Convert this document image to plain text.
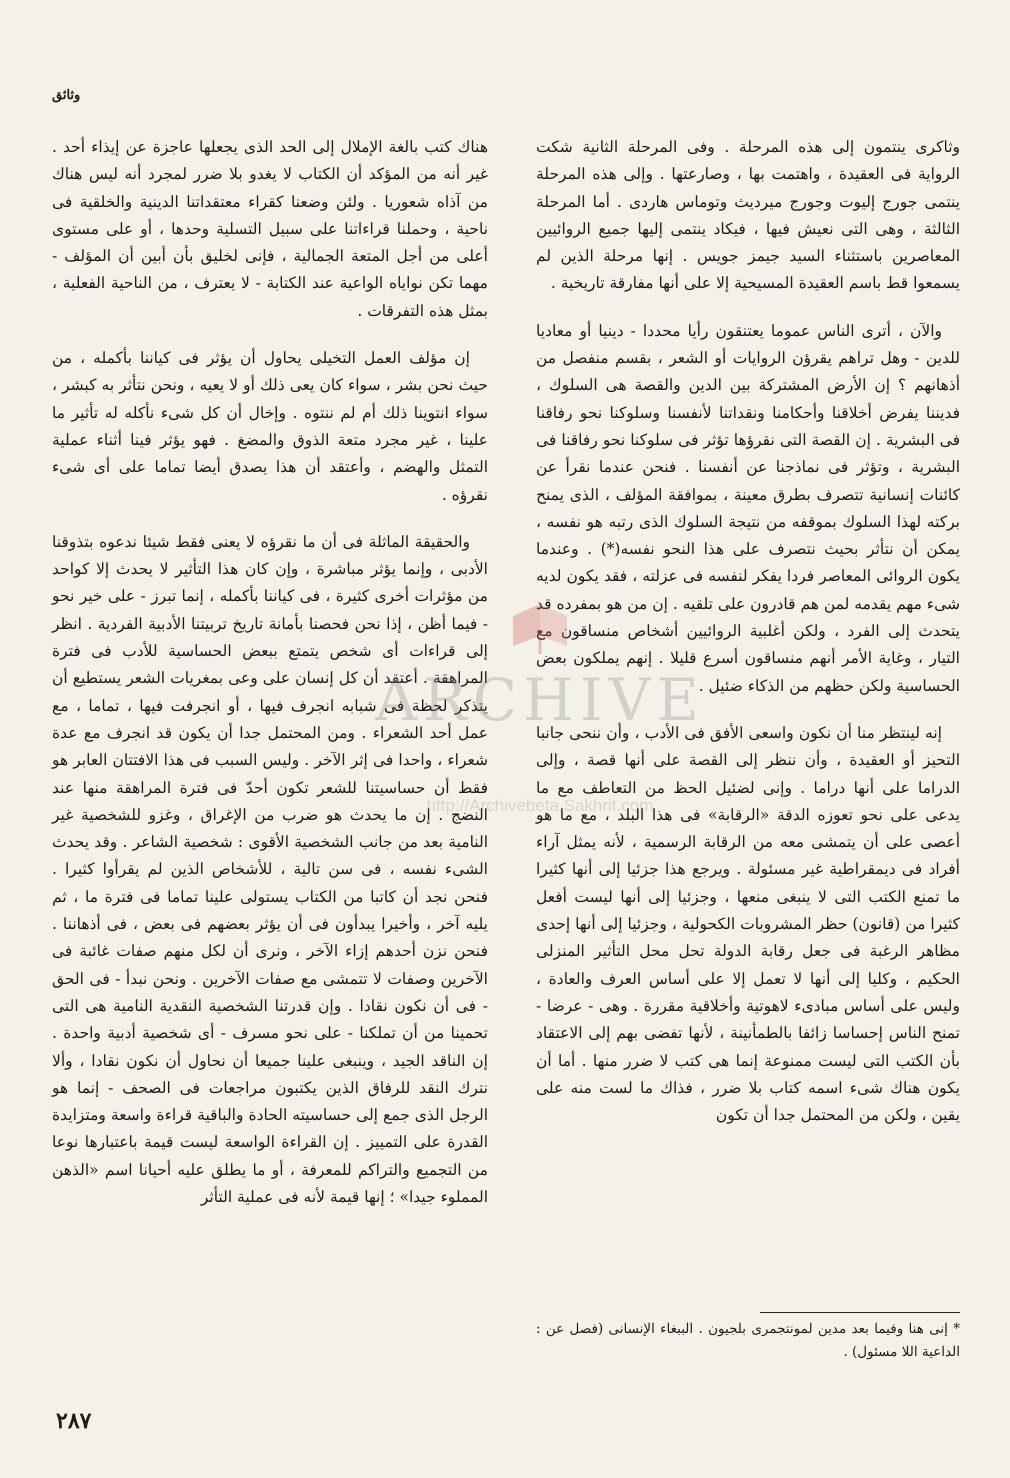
وثائق

وثاكرى ينتمون إلى هذه المرحلة . وفى المرحلة الثانية شكت الرواية فى العقيدة ، واهتمت بها ، وصارعتها . وإلى هذه المرحلة ينتمى جورج إليوت وجورج ميرديث وتوماس هاردى . أما المرحلة الثالثة ، وهى التى نعيش فيها ، فيكاد ينتمى إليها جميع الروائيين المعاصرين باستثناء السيد جيمز جويس . إنها مرحلة الذين لم يسمعوا قط باسم العقيدة المسيحية إلا على أنها مفارقة تاريخية .

والآن ، أترى الناس عموما يعتنقون رأيا محددا - دينيا أو معاديا للدين - وهل تراهم يقرؤن الروايات أو الشعر ، بقسم منفصل من أذهانهم ؟ إن الأرض المشتركة بين الدين والقصة هى السلوك ، فديننا يفرض أخلاقنا وأحكامنا ونقداتنا لأنفسنا وسلوكنا نحو رفاقنا فى البشرية . إن القصة التى نقرؤها تؤثر فى سلوكنا نحو رفاقنا فى البشرية ، وتؤثر فى نماذجنا عن أنفسنا . فنحن عندما نقرأ عن كائنات إنسانية تتصرف بطرق معينة ، بموافقة المؤلف ، الذى يمنح بركته لهذا السلوك بموقفه من نتيجة السلوك الذى رتبه هو نفسه ، يمكن أن نتأثر بحيث نتصرف على هذا النحو نفسه(*) . وعندما يكون الروائى المعاصر فردا يفكر لنفسه فى عزلته ، فقد يكون لديه شىء مهم يقدمه لمن هم قادرون على تلقيه . إن من هو بمفرده قد يتحدث إلى الفرد ، ولكن أغلبية الروائيين أشخاص منساقون مع التيار ، وغاية الأمر أنهم منساقون أسرع قليلا . إنهم يملكون بعض الحساسية ولكن حظهم من الذكاء ضئيل .

إنه لينتظر منا أن نكون واسعى الأفق فى الأدب ، وأن ننحى جانبا التحيز أو العقيدة ، وأن ننظر إلى القصة على أنها قصة ، وإلى الدراما على أنها دراما . وإنى لضئيل الحظ من التعاطف مع ما يدعى على نحو تعوزه الدقة «الرقابة» فى هذا البلد ، مع ما هو أعصى على أن يتمشى معه من الرقابة الرسمية ، لأنه يمثل آراء أفراد فى ديمقراطية غير مسئولة . ويرجع هذا جزئيا إلى أنها كثيرا ما تمنع الكتب التى لا ينبغى منعها ، وجزئيا إلى أنها ليست أفعل كثيرا من (قانون) حظر المشروبات الكحولية ، وجزئيا إلى أنها إحدى مظاهر الرغبة فى جعل رقابة الدولة تحل محل التأثير المنزلى الحكيم ، وكليا إلى أنها لا تعمل إلا على أساس العرف والعادة ، وليس على أساس مبادىء لاهوتية وأخلاقية مقررة . وهى - عرضا - تمنح الناس إحساسا زائفا بالطمأنينة ، لأنها تفضى بهم إلى الاعتقاد بأن الكتب التى ليست ممنوعة إنما هى كتب لا ضرر منها . أما أن يكون هناك شىء اسمه كتاب بلا ضرر ، فذاك ما لست منه على يقين ، ولكن من المحتمل جدا أن تكون

* إنى هنا وفيما بعد مدين لمونتجمرى بلجيون . الببغاء الإنسانى (فصل عن : الداعية اللا مسئول) .

هناك كتب بالغة الإملال إلى الحد الذى يجعلها عاجزة عن إيذاء أحد . غير أنه من المؤكد أن الكتاب لا يغدو بلا ضرر لمجرد أنه ليس هناك من آذاه شعوريا . ولئن وضعنا كقراء معتقداتنا الدينية والخلقية فى ناحية ، وحملنا قراءاتنا على سبيل التسلية وحدها ، أو على مستوى أعلى من أجل المتعة الجمالية ، فإنى لخليق بأن أبين أن المؤلف - مهما تكن نواياه الواعية عند الكتابة - لا يعترف ، من الناحية الفعلية ، بمثل هذه التفرقات .

إن مؤلف العمل التخيلى يحاول أن يؤثر فى كياننا بأكمله ، من حيث نحن بشر ، سواء كان يعى ذلك أو لا يعيه ، ونحن نتأثر به كبشر ، سواء انتوينا ذلك أم لم ننتوه . وإخال أن كل شىء نأكله له تأثير ما علينا ، غير مجرد متعة الذوق والمضغ . فهو يؤثر فينا أثناء عملية التمثل والهضم ، وأعتقد أن هذا يصدق أيضا تماما على أى شىء نقرؤه .

والحقيقة الماثلة فى أن ما نقرؤه لا يعنى فقط شيئا ندعوه بتذوقنا الأدبى ، وإنما يؤثر مباشرة ، وإن كان هذا التأثير لا يحدث إلا كواحد من مؤثرات أخرى كثيرة ، فى كياننا بأكمله ، إنما تبرز - على خير نحو - فيما أظن ، إذا نحن فحصنا بأمانة تاريخ تربيتنا الأدبية الفردية . انظر إلى قراءات أى شخص يتمتع ببعض الحساسية للأدب فى فترة المراهقة . أعتقد أن كل إنسان على وعى بمغريات الشعر يستطيع أن يتذكر لحظة فى شبابه انجرف فيها ، أو انجرفت فيها ، تماما ، مع عمل أحد الشعراء . ومن المحتمل جدا أن يكون قد انجرف مع عدة شعراء ، واحدا فى إثر الآخر . وليس السبب فى هذا الافتتان العابر هو فقط أن حساسيتنا للشعر تكون أحدّ فى فترة المراهقة منها عند النضج . إن ما يحدث هو ضرب من الإغراق ، وغزو للشخصية غير النامية بعد من جانب الشخصية الأقوى : شخصية الشاعر . وقد يحدث الشىء نفسه ، فى سن تالية ، للأشخاص الذين لم يقرأوا كثيرا . فنحن نجد أن كاتبا من الكتاب يستولى علينا تماما فى فترة ما ، ثم يليه آخر ، وأخيرا يبدأون فى أن يؤثر بعضهم فى بعض ، فى أذهاننا . فنحن نزن أحدهم إزاء الآخر ، ونرى أن لكل منهم صفات غائبة فى الآخرين وصفات لا تتمشى مع صفات الآخرين . ونحن نبدأ - فى الحق - فى أن نكون نقادا . وإن قدرتنا الشخصية النقدية النامية هى التى تحمينا من أن تملكنا - على نحو مسرف - أى شخصية أدبية واحدة . إن الناقد الجيد ، وينبغى علينا جميعا أن نحاول أن نكون نقادا ، وألا نترك النقد للرفاق الذين يكتبون مراجعات فى الصحف - إنما هو الرجل الذى جمع إلى حساسيته الحادة والباقية قراءة واسعة ومتزايدة القدرة على التمييز . إن القراءة الواسعة ليست قيمة باعتبارها نوعا من التجميع والتراكم للمعرفة ، أو ما يطلق عليه أحيانا اسم «الذهن المملوء جيدا» ؛ إنها قيمة لأنه فى عملية التأثر

ARCHIVE
http://Archivebeta.Sakhrit.com
٢٨٧
